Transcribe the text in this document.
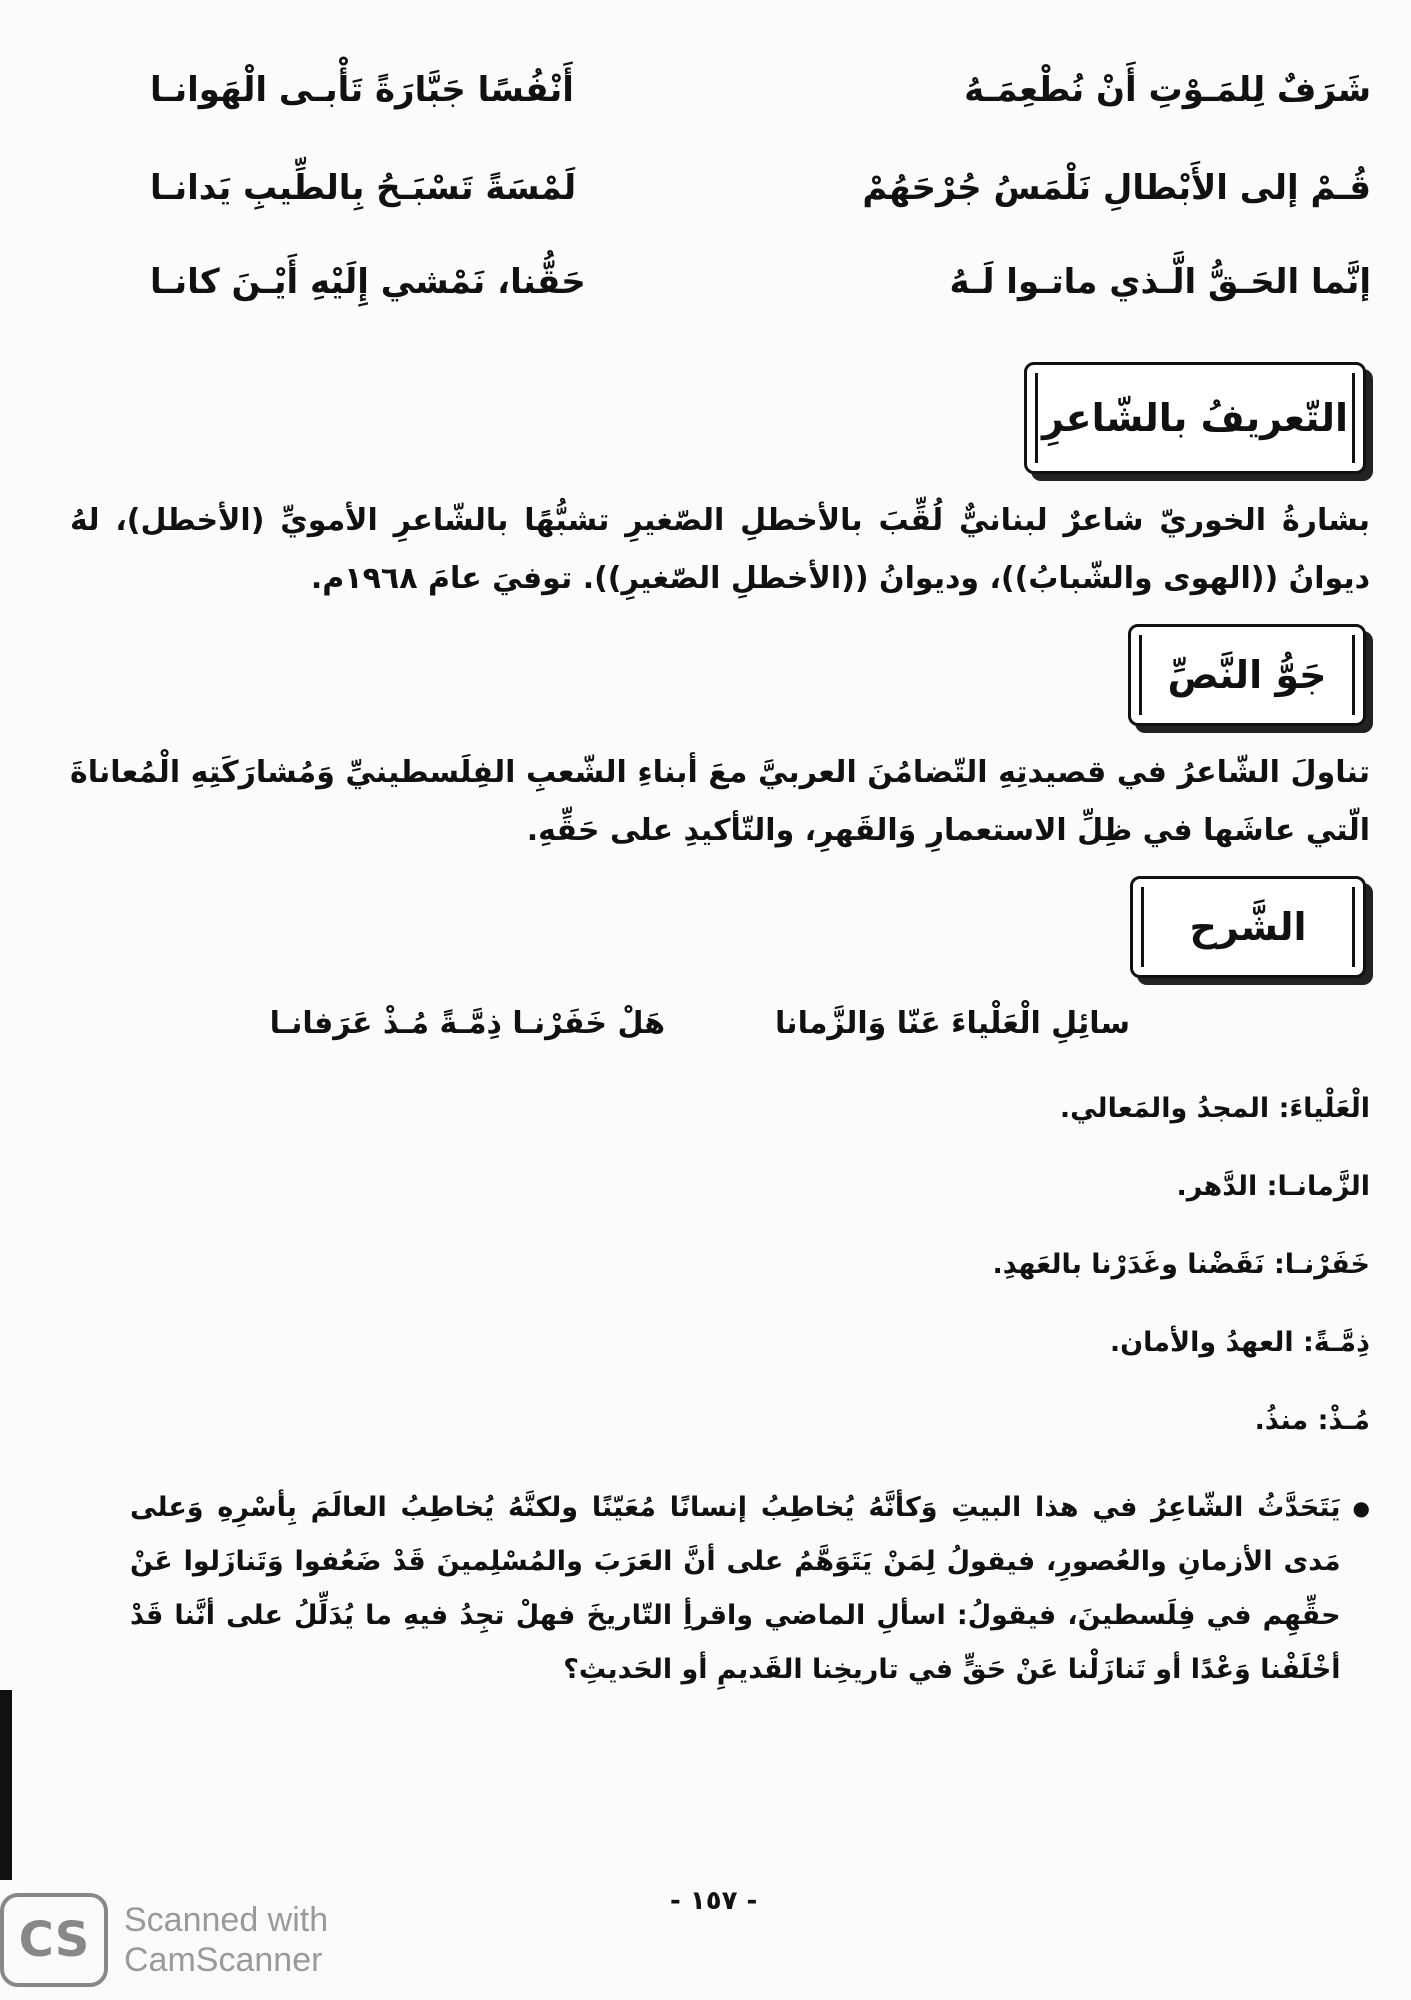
شَرَفٌ لِلمَـوْتِ أَنْ نُطْعِمَـهُ
أَنْفُسًا جَبَّارَةً تَأْبـى الْهَوانـا
قُـمْ إلى الأَبْطالِ نَلْمَسُ جُرْحَهُمْ
لَمْسَةً تَسْبَـحُ بِالطِّيبِ يَدانـا
إنَّما الحَـقُّ الَّـذي ماتـوا لَـهُ
حَقُّنا، نَمْشي إِلَيْهِ أَيْـنَ كانـا
التّعريفُ بالشّاعرِ
بشارةُ الخوريّ شاعرٌ لبنانيٌّ لُقِّبَ بالأخطلِ الصّغيرِ تشبُّهًا بالشّاعرِ الأمويِّ (الأخطل)، لهُ ديوانُ ((الهوى والشّبابُ))، وديوانُ ((الأخطلِ الصّغيرِ)). توفيَ عامَ ١٩٦٨م.
جَوُّ النَّصِّ
تناولَ الشّاعرُ في قصيدتِهِ التّضامُنَ العربيَّ معَ أبناءِ الشّعبِ الفِلَسطينيِّ وَمُشارَكَتِهِ الْمُعاناةَ الّتي عاشَها في ظِلِّ الاستعمارِ وَالقَهرِ، والتّأكيدِ على حَقِّهِ.
الشَّرح
سائِلِ الْعَلْياءَ عَنّا وَالزَّمانا
هَلْ خَفَرْنـا ذِمَّـةً مُـذْ عَرَفانـا
الْعَلْياءَ: المجدُ والمَعالي.
الزَّمانـا: الدَّهر.
خَفَرْنـا: نَقَضْنا وغَدَرْنا بالعَهدِ.
ذِمَّـةً: العهدُ والأمان.
مُـذْ: منذُ.
●
يَتَحَدَّثُ الشّاعِرُ في هذا البيتِ وَكأنَّهُ يُخاطِبُ إنسانًا مُعَيّنًا ولكنَّهُ يُخاطِبُ العالَمَ بِأسْرِهِ وَعلى مَدى الأزمانِ والعُصورِ، فيقولُ لِمَنْ يَتَوَهَّمُ على أنَّ العَرَبَ والمُسْلِمينَ قَدْ ضَعُفوا وَتَنازَلوا عَنْ حقِّهِم في فِلَسطينَ، فيقولُ: اسألِ الماضي واقرأِ التّاريخَ فهلْ تجِدُ فيهِ ما يُدَلِّلُ على أنَّنا قَدْ أخْلَفْنا وَعْدًا أو تَنازَلْنا عَنْ حَقٍّ في تاريخِنا القَديمِ أو الحَديثِ؟
- ١٥٧ -
CS	Scanned with
CamScanner
